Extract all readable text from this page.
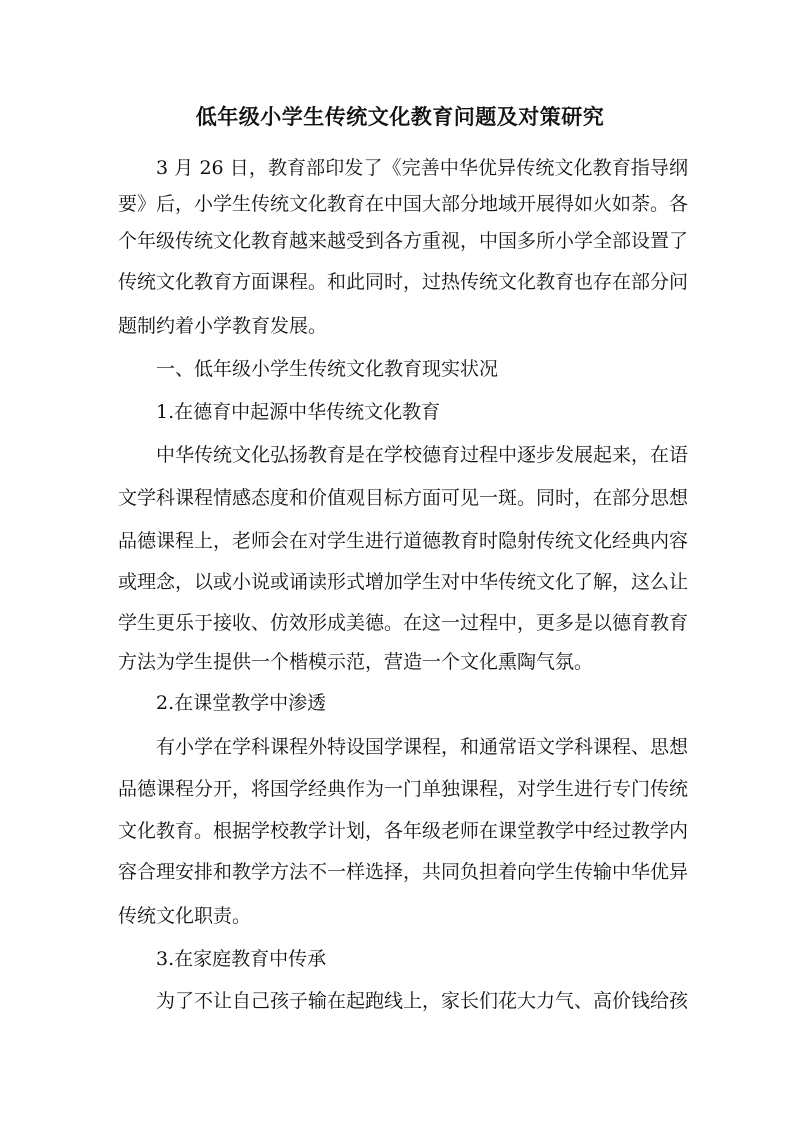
低年级小学生传统文化教育问题及对策研究
3 月 26 日，教育部印发了《完善中华优异传统文化教育指导纲
要》后，小学生传统文化教育在中国大部分地域开展得如火如荼。各
个年级传统文化教育越来越受到各方重视，中国多所小学全部设置了
传统文化教育方面课程。和此同时，过热传统文化教育也存在部分问
题制约着小学教育发展。
一、低年级小学生传统文化教育现实状况
1.在德育中起源中华传统文化教育
中华传统文化弘扬教育是在学校德育过程中逐步发展起来，在语
文学科课程情感态度和价值观目标方面可见一斑。同时，在部分思想
品德课程上，老师会在对学生进行道德教育时隐射传统文化经典内容
或理念，以或小说或诵读形式增加学生对中华传统文化了解，这么让
学生更乐于接收、仿效形成美德。在这一过程中，更多是以德育教育
方法为学生提供一个楷模示范，营造一个文化熏陶气氛。
2.在课堂教学中渗透
有小学在学科课程外特设国学课程，和通常语文学科课程、思想
品德课程分开，将国学经典作为一门单独课程，对学生进行专门传统
文化教育。根据学校教学计划，各年级老师在课堂教学中经过教学内
容合理安排和教学方法不一样选择，共同负担着向学生传输中华优异
传统文化职责。
3.在家庭教育中传承
为了不让自己孩子输在起跑线上，家长们花大力气、高价钱给孩
